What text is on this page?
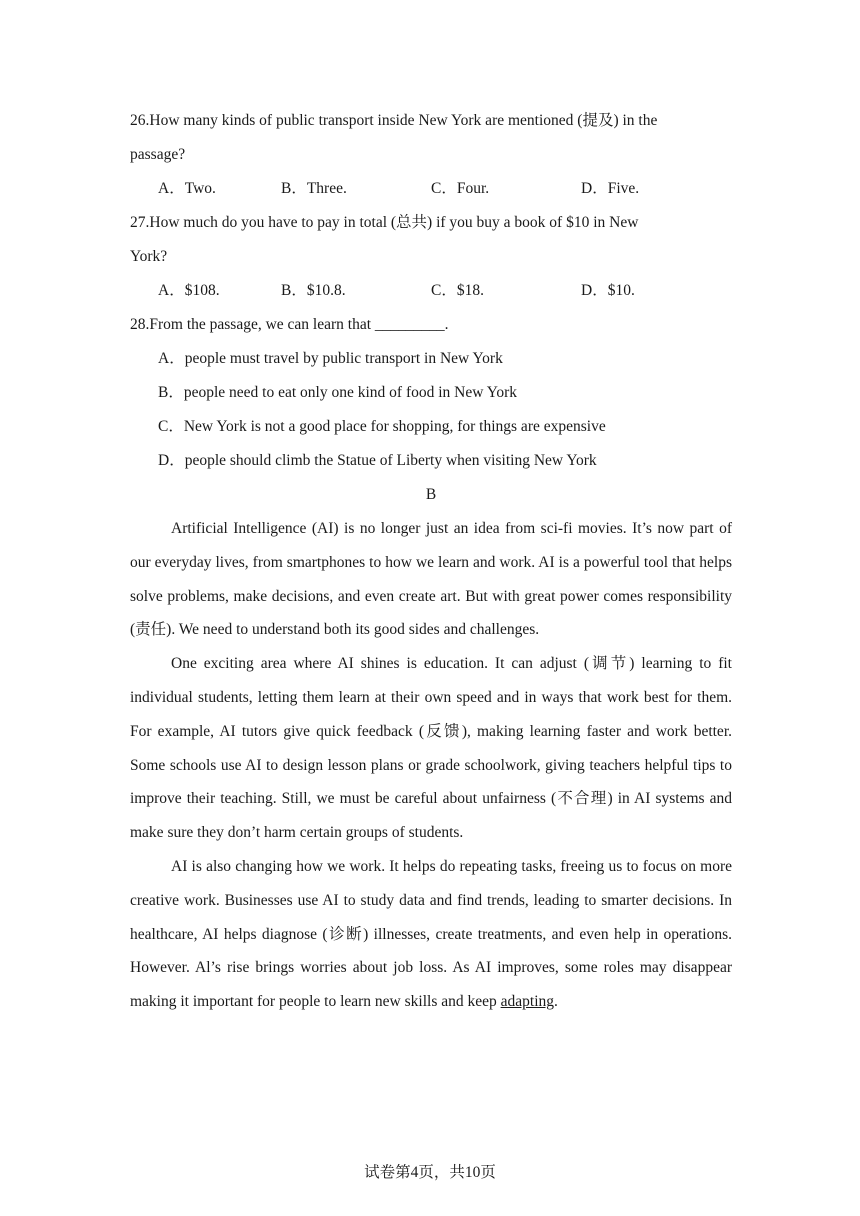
26.How many kinds of public transport inside New York are mentioned (提及) in the
passage?
A．Two.	B．Three.	C．Four.	D．Five.
27.How much do you have to pay in total (总共) if you buy a book of $10 in New
York?
A．$108.	B．$10.8.	C．$18.	D．$10.
28.From the passage, we can learn that _________.
A．people must travel by public transport in New York
B．people need to eat only one kind of food in New York
C．New York is not a good place for shopping, for things are expensive
D．people should climb the Statue of Liberty when visiting New York
B

Artificial Intelligence (AI) is no longer just an idea from sci-fi movies. It’s now part of our everyday lives, from smartphones to how we learn and work. AI is a powerful tool that helps solve problems, make decisions, and even create art. But with great power comes responsibility (责任). We need to understand both its good sides and challenges.

One exciting area where AI shines is education. It can adjust (调节) learning to fit individual students, letting them learn at their own speed and in ways that work best for them. For example, AI tutors give quick feedback (反馈), making learning faster and work better. Some schools use AI to design lesson plans or grade schoolwork, giving teachers helpful tips to improve their teaching. Still, we must be careful about unfairness (不合理) in AI systems and make sure they don’t harm certain groups of students.

AI is also changing how we work. It helps do repeating tasks, freeing us to focus on more creative work. Businesses use AI to study data and find trends, leading to smarter decisions. In healthcare, AI helps diagnose (诊断) illnesses, create treatments, and even help in operations. However. Al’s rise brings worries about job loss. As AI improves, some roles may disappear making it important for people to learn new skills and keep adapting.

试卷第4页，共10页
